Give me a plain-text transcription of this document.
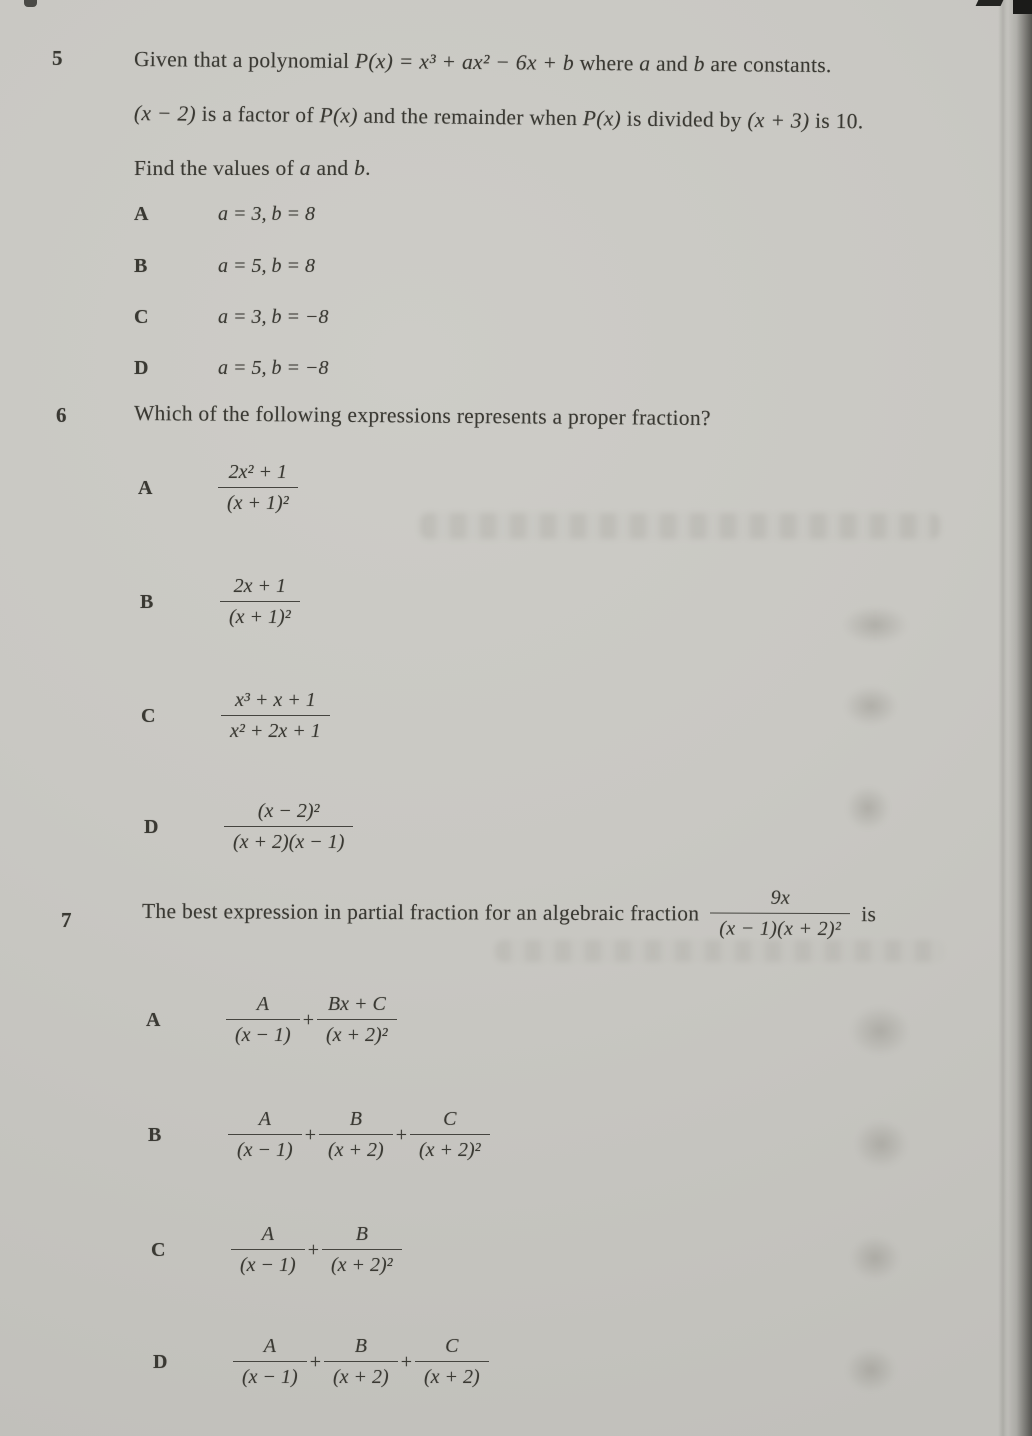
5	Given that a polynomial P(x) = x³ + ax² − 6x + b where a and b are constants.
(x − 2) is a factor of P(x) and the remainder when P(x) is divided by (x + 3) is 10.
Find the values of a and b.
A	a = 3, b = 8
B	a = 5, b = 8
C	a = 3, b = −8
D	a = 5, b = −8
6	Which of the following expressions represents a proper fraction?
A	$\frac{\text{2x² + 1}}{\text{(x + 1)²}}$
B	$\frac{2x + 1}{\text{(x + 1)²}}$
C	$\frac{\text{x³ + x + 1}}{\text{x² + 2x + 1}}$
D	$\frac{\text{(x − 2)²}}{(x + 2)(x - 1)}$
7	The best expression in partial fraction for an algebraic fraction $\frac{9x}{\text{(x − 1)(x + 2)²}}$ is
A	$\frac{A}{(x - 1)} + \frac{Bx + C}{\text{(x + 2)²}}$
B	$\frac{A}{(x - 1)} + \frac{B}{(x + 2)} + \frac{C}{\text{(x + 2)²}}$
C	$\frac{A}{(x - 1)} + \frac{B}{\text{(x + 2)²}}$
D	$\frac{A}{(x - 1)} + \frac{B}{(x + 2)} + \frac{C}{(x + 2)}$
